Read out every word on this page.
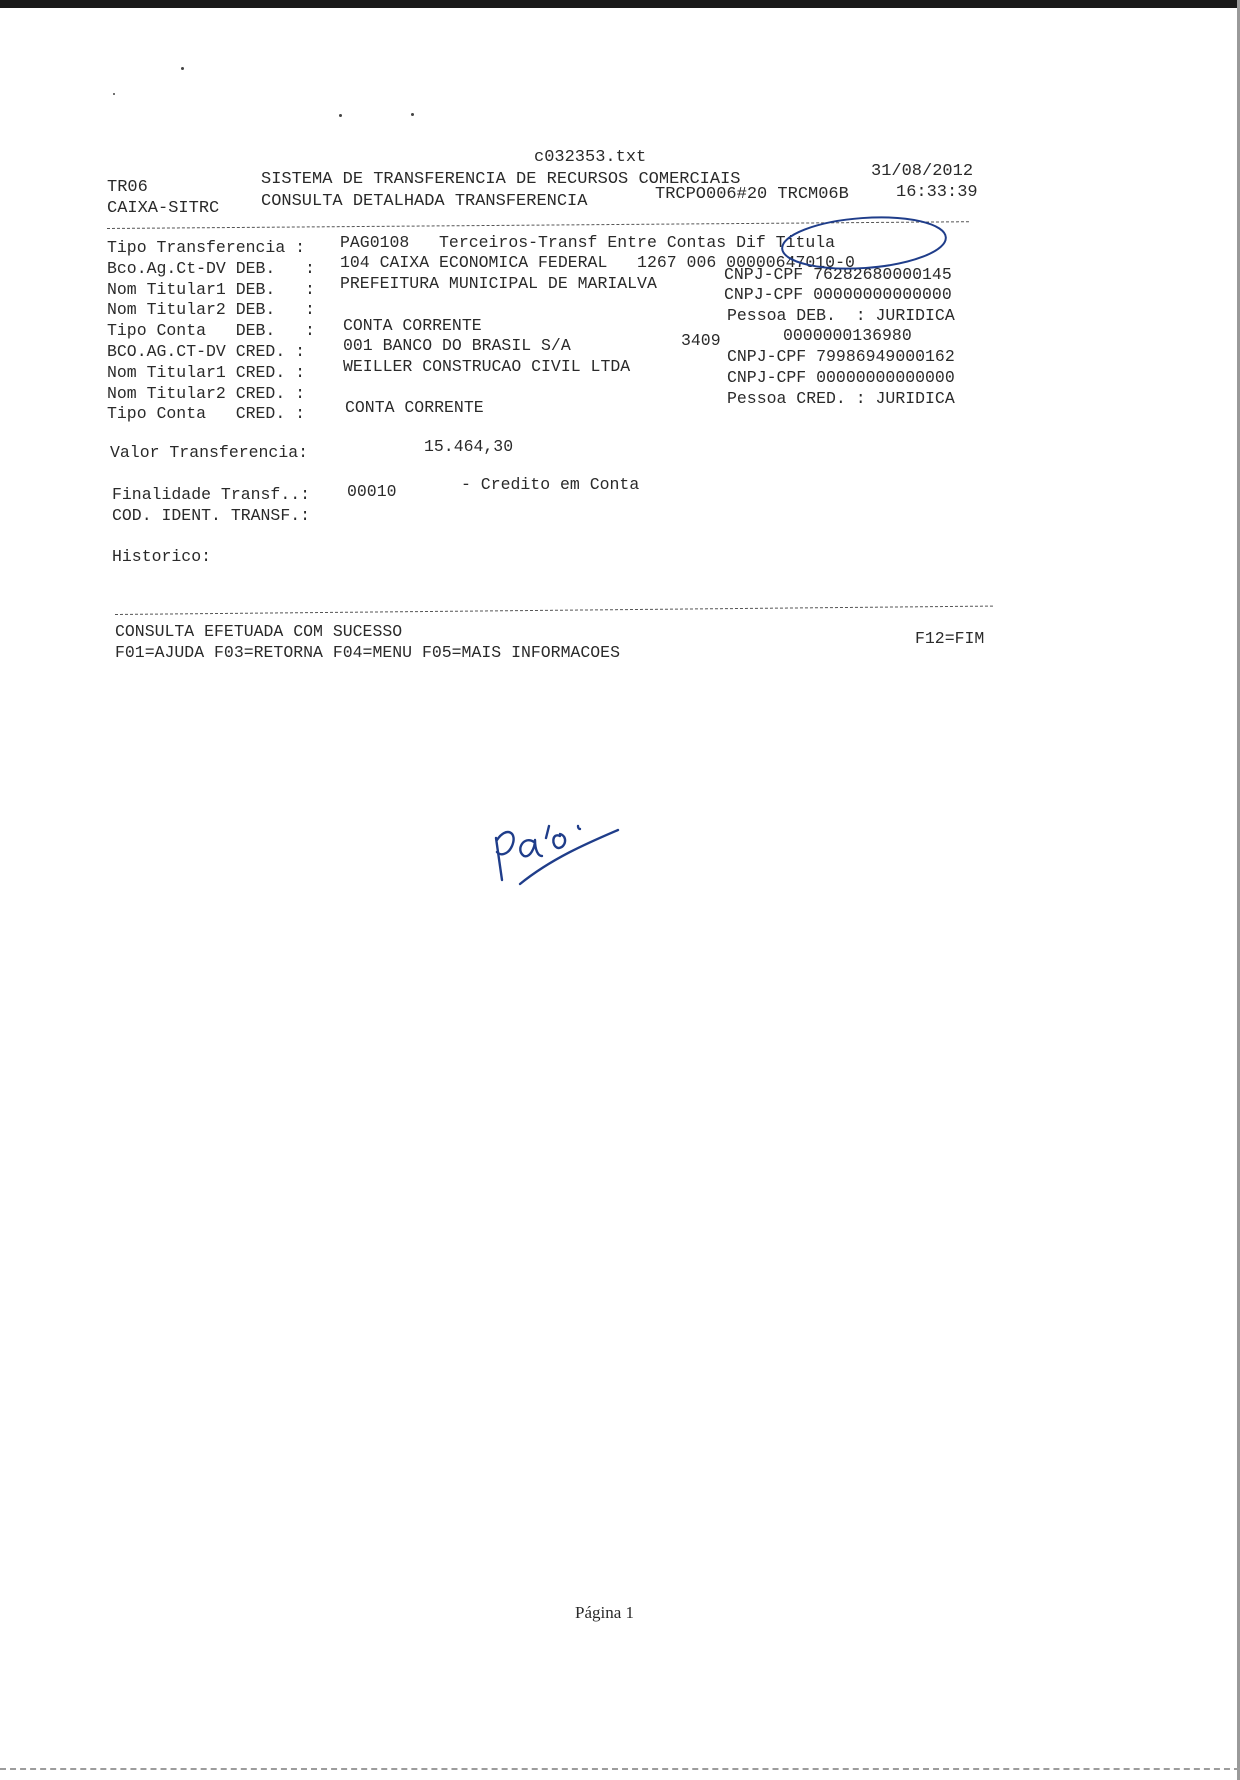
c032353.txt
TR06	SISTEMA DE TRANSFERENCIA DE RECURSOS COMERCIAIS	31/08/2012
CAIXA-SITRC CONSULTA DETALHADA TRANSFERENCIA	TRCPO006#20 TRCM06B	16:33:39
Tipo Transferencia : PAG0108   Terceiros-Transf Entre Contas Dif Titula
Bco.Ag.Ct-DV DEB.   : 104 CAIXA ECONOMICA FEDERAL   1267 006 00000647010-0
Nom Titular1 DEB.   : PREFEITURA MUNICIPAL DE MARIALVA	CNPJ-CPF 76282680000145
Nom Titular2 DEB.   :
CNPJ-CPF 00000000000000
Tipo Conta   DEB.   : CONTA CORRENTE
Pessoa DEB.  : JURIDICA
BCO.AG.CT-DV CRED. : 001 BANCO DO BRASIL S/A	3409	0000000136980
Nom Titular1 CRED. : WEILLER CONSTRUCAO CIVIL LTDA
CNPJ-CPF 79986949000162
Nom Titular2 CRED. :
CNPJ-CPF 00000000000000
Tipo Conta   CRED. : CONTA CORRENTE	Pessoa CRED. : JURIDICA
Valor Transferencia:	15.464,30
Finalidade Transf..: 00010	- Credito em Conta
COD. IDENT. TRANSF.:
Historico:
CONSULTA EFETUADA COM SUCESSO
F01=AJUDA F03=RETORNA F04=MENU F05=MAIS INFORMACOES
F12=FIM
Página 1
